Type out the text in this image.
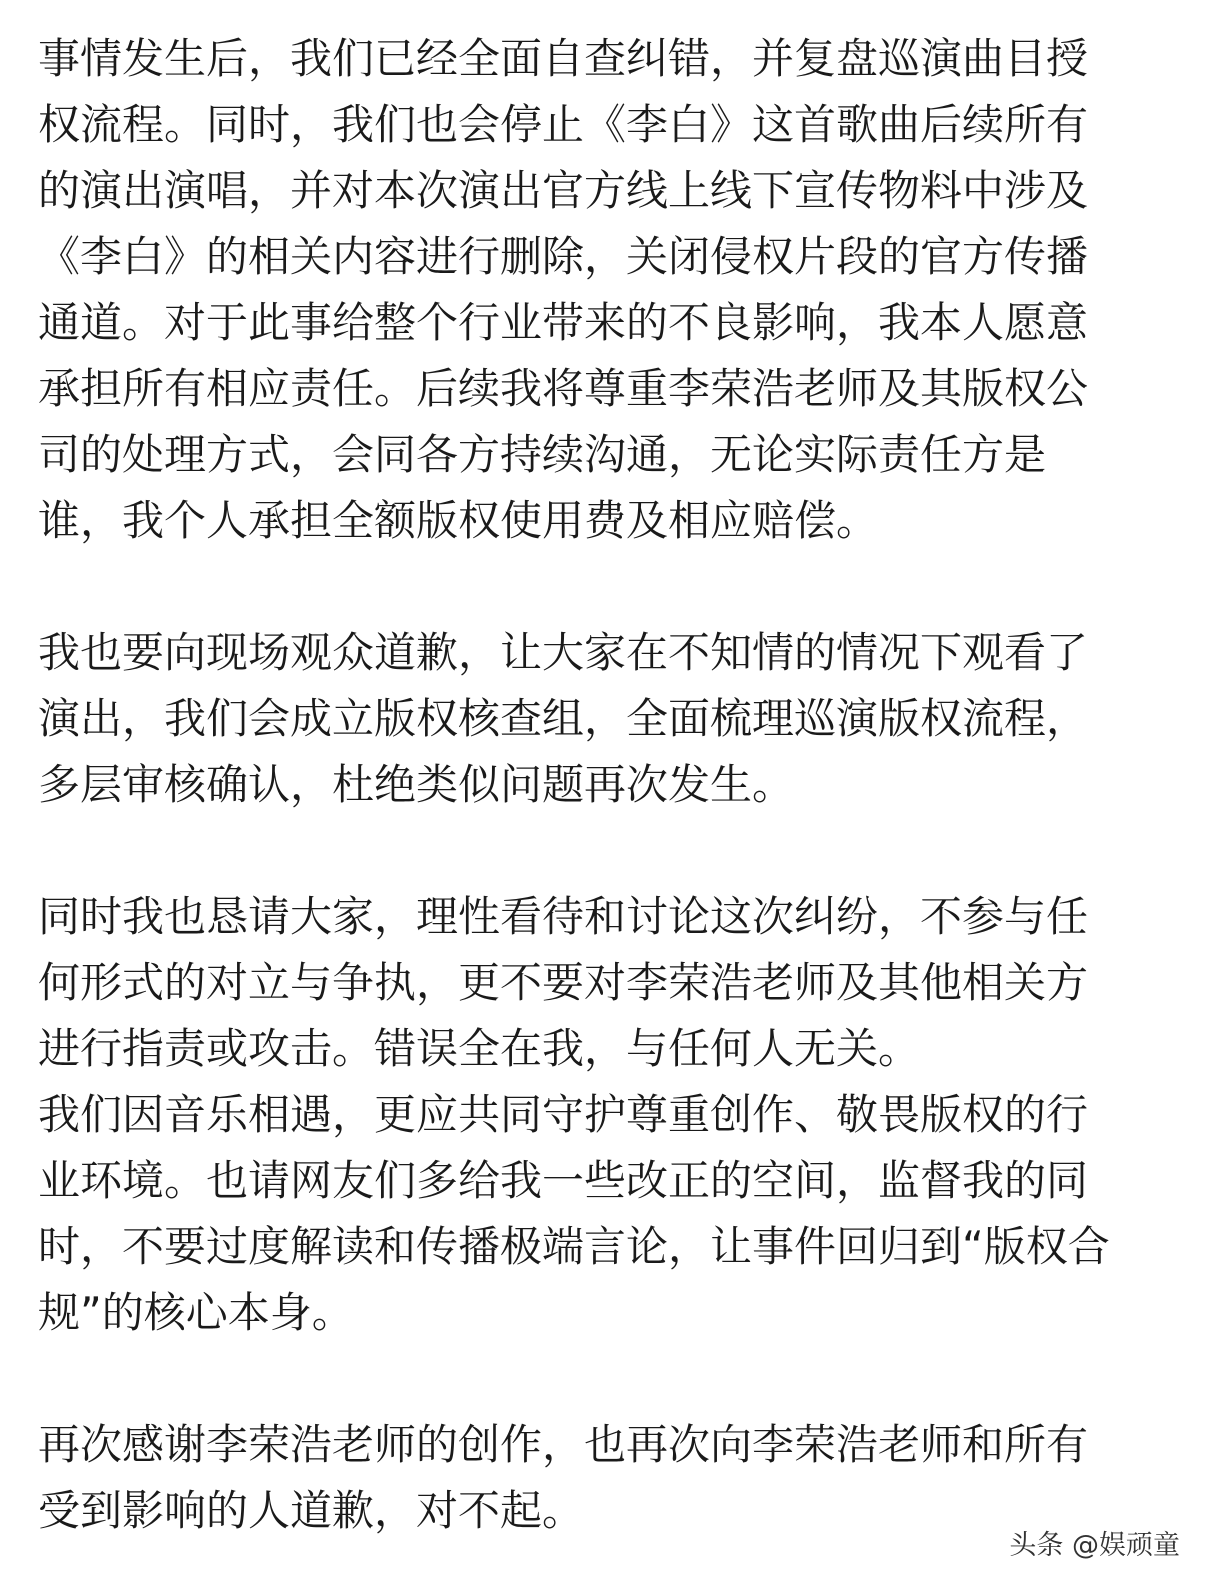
事情发生后，我们已经全面自查纠错，并复盘巡演曲目授
权流程。同时，我们也会停止《李白》这首歌曲后续所有
的演出演唱，并对本次演出官方线上线下宣传物料中涉及
《李白》的相关内容进行删除，关闭侵权片段的官方传播
通道。对于此事给整个行业带来的不良影响，我本人愿意
承担所有相应责任。后续我将尊重李荣浩老师及其版权公
司的处理方式，会同各方持续沟通，无论实际责任方是
谁，我个人承担全额版权使用费及相应赔偿。
我也要向现场观众道歉，让大家在不知情的情况下观看了
演出，我们会成立版权核查组，全面梳理巡演版权流程，
多层审核确认，杜绝类似问题再次发生。
同时我也恳请大家，理性看待和讨论这次纠纷，不参与任
何形式的对立与争执，更不要对李荣浩老师及其他相关方
进行指责或攻击。错误全在我，与任何人无关。
我们因音乐相遇，更应共同守护尊重创作、敬畏版权的行
业环境。也请网友们多给我一些改正的空间，监督我的同
时，不要过度解读和传播极端言论，让事件回归到“版权合
规”的核心本身。
再次感谢李荣浩老师的创作，也再次向李荣浩老师和所有
受到影响的人道歉，对不起。
头条 @娱顽童
